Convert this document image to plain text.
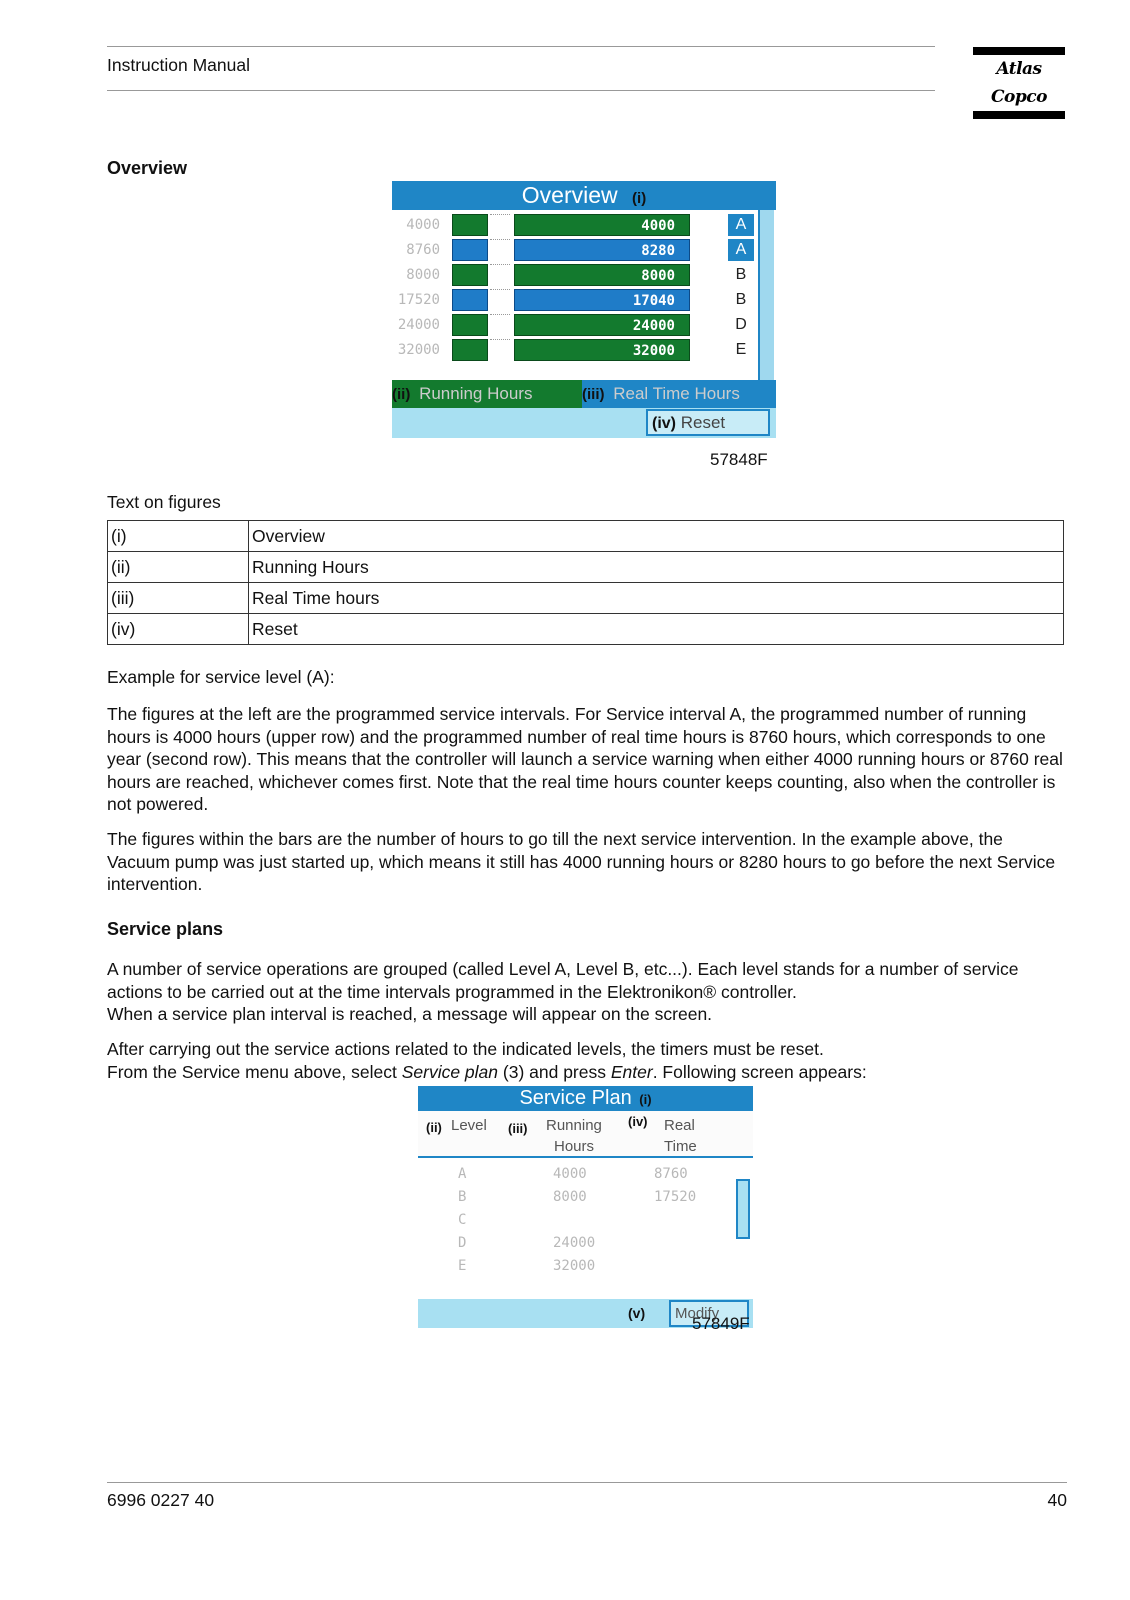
Instruction Manual	Atlas Copco
Overview
Overview (i)
4000	4000	A
8760	8280	A
8000	8000	B
17520	17040	B
24000	24000	D
32000	32000	E
(ii) Running Hours	(iii) Real Time Hours
(iv) Reset
57848F
Text on figures
(i)	Overview
(ii)	Running Hours
(iii)	Real Time hours
(iv)	Reset
Example for service level (A):
The figures at the left are the programmed service intervals. For Service interval A, the programmed number of running hours is 4000 hours (upper row) and the programmed number of real time hours is 8760 hours, which corresponds to one year (second row). This means that the controller will launch a service warning when either 4000 running hours or 8760 real hours are reached, whichever comes first. Note that the real time hours counter keeps counting, also when the controller is not powered.
The figures within the bars are the number of hours to go till the next service intervention. In the example above, the Vacuum pump was just started up, which means it still has 4000 running hours or 8280 hours to go before the next Service intervention.
Service plans
A number of service operations are grouped (called Level A, Level B, etc...). Each level stands for a number of service actions to be carried out at the time intervals programmed in the Elektronikon® controller.
When a service plan interval is reached, a message will appear on the screen.
After carrying out the service actions related to the indicated levels, the timers must be reset.
From the Service menu above, select Service plan (3) and press Enter. Following screen appears:
Service Plan (i)
(ii) Level (iii) Running
Hours
(iv) Real
Time
A	4000	8760
B	8000	17520
C
D	24000
E	32000
(v)	Modify
57849F
6996 0227 40	40
